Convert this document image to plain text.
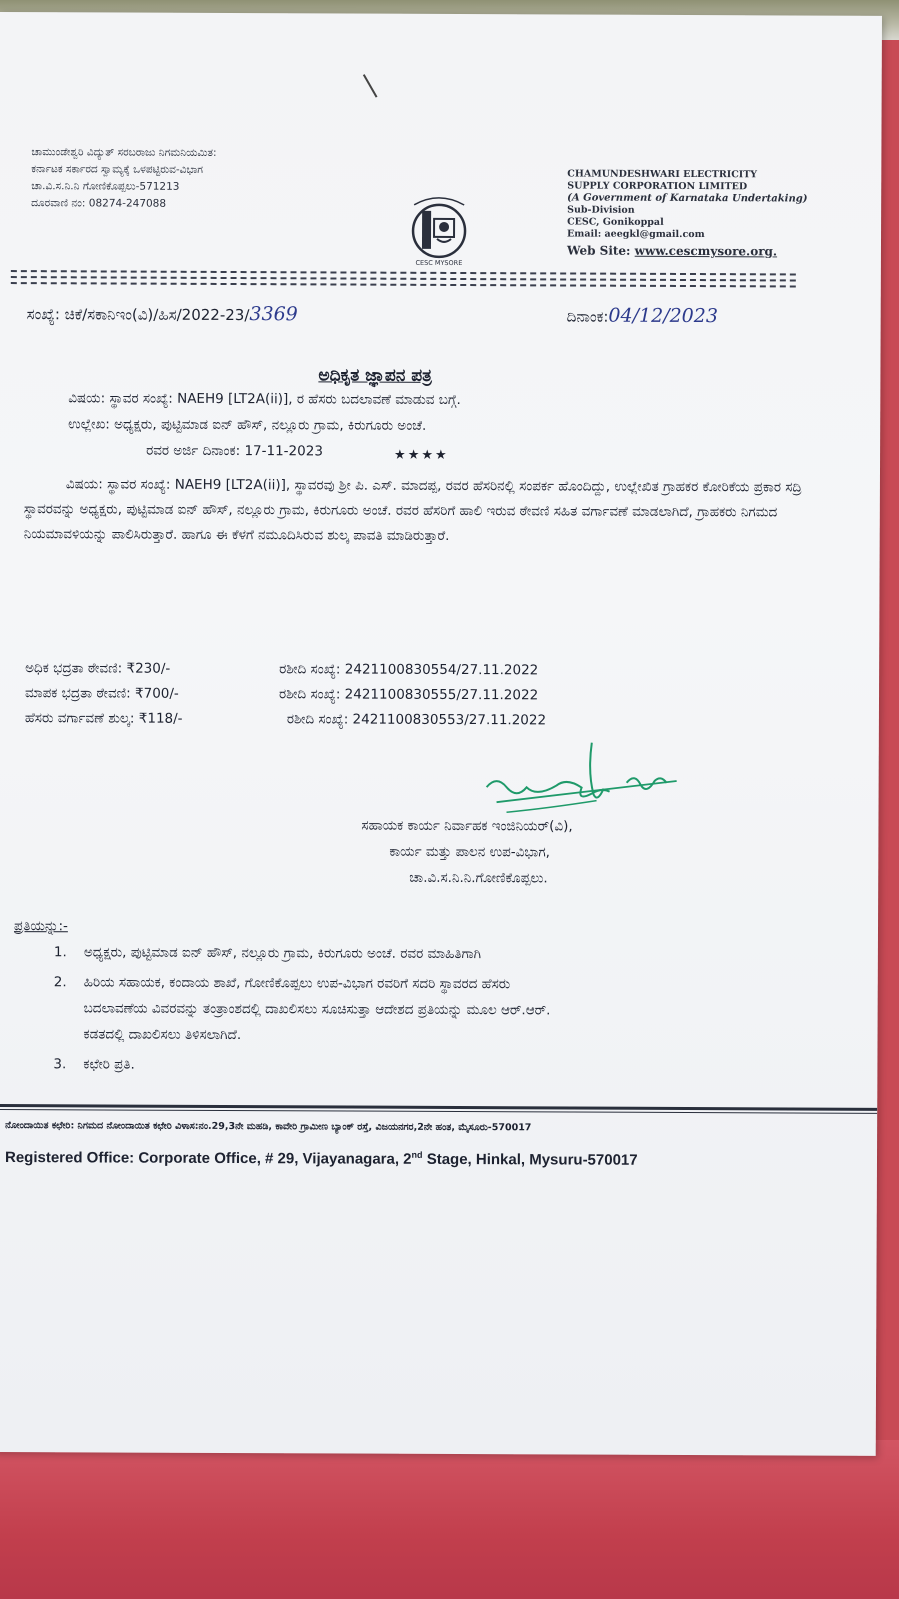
ಚಾಮುಂಡೇಶ್ವರಿ ವಿದ್ಯುತ್ ಸರಬರಾಜು ನಿಗಮನಿಯಮಿತ:
ಕರ್ನಾಟಕ ಸರ್ಕಾರದ ಸ್ವಾಮ್ಯಕ್ಕೆ ಒಳಪಟ್ಟಿರುವ-ವಿಭಾಗ
ಚಾ.ವಿ.ಸ.ನಿ.ನಿ ಗೋಣಿಕೊಪ್ಪಲು-571213
ದೂರವಾಣಿ ನಂ: 08274-247088
CESC MYSORE
CHAMUNDESHWARI ELECTRICITY
SUPPLY CORPORATION LIMITED
(A Government of Karnataka Undertaking)
Sub-Division
CESC, Gonikoppal
Email: aeegkl@gmail.com
Web Site: www.cescmysore.org.
ಸಂಖ್ಯೆ: ಚಿಕೆ/ಸಕಾನಿಇಂ(ವಿ)/ಹಿಸ/2022-23/3369	ದಿನಾಂಕ:04/12/2023
ಅಧಿಕೃತ ಜ್ಞಾಪನ ಪತ್ರ
ವಿಷಯ: ಸ್ಥಾವರ ಸಂಖ್ಯೆ: NAEH9 [LT2A(ii)], ರ ಹೆಸರು ಬದಲಾವಣೆ ಮಾಡುವ ಬಗ್ಗೆ.
ಉಲ್ಲೇಖ: ಅಧ್ಯಕ್ಷರು, ಪುಟ್ಟಿಮಾಡ ಐನ್ ಹೌಸ್, ನಲ್ಲೂರು ಗ್ರಾಮ, ಕಿರುಗೂರು ಅಂಚೆ.
ರವರ ಅರ್ಜಿ ದಿನಾಂಕ: 17-11-2023	★★★★
ವಿಷಯ: ಸ್ಥಾವರ ಸಂಖ್ಯೆ: NAEH9 [LT2A(ii)], ಸ್ಥಾವರವು ಶ್ರೀ ಪಿ. ಎಸ್. ಮಾದಪ್ಪ, ರವರ ಹೆಸರಿನಲ್ಲಿ ಸಂಪರ್ಕ ಹೊಂದಿದ್ದು, ಉಲ್ಲೇಖಿತ ಗ್ರಾಹಕರ ಕೋರಿಕೆಯ ಪ್ರಕಾರ ಸದ್ರಿ ಸ್ಥಾವರವನ್ನು ಅಧ್ಯಕ್ಷರು, ಪುಟ್ಟಿಮಾಡ ಐನ್ ಹೌಸ್, ನಲ್ಲೂರು ಗ್ರಾಮ, ಕಿರುಗೂರು ಅಂಚೆ. ರವರ ಹೆಸರಿಗೆ ಹಾಲಿ ಇರುವ ಠೇವಣಿ ಸಹಿತ ವರ್ಗಾವಣೆ ಮಾಡಲಾಗಿದೆ, ಗ್ರಾಹಕರು ನಿಗಮದ ನಿಯಮಾವಳಿಯನ್ನು ಪಾಲಿಸಿರುತ್ತಾರೆ. ಹಾಗೂ ಈ ಕೆಳಗೆ ನಮೂದಿಸಿರುವ ಶುಲ್ಕ ಪಾವತಿ ಮಾಡಿರುತ್ತಾರೆ.
ಅಧಿಕ ಭದ್ರತಾ ಠೇವಣಿ: ₹230/-	ರಶೀದಿ ಸಂಖ್ಯೆ: 2421100830554/27.11.2022
ಮಾಪಕ ಭದ್ರತಾ ಠೇವಣಿ: ₹700/-	ರಶೀದಿ ಸಂಖ್ಯೆ: 2421100830555/27.11.2022
ಹೆಸರು ವರ್ಗಾವಣೆ ಶುಲ್ಕ: ₹118/-	ರಶೀದಿ ಸಂಖ್ಯೆ: 2421100830553/27.11.2022
ಸಹಾಯಕ ಕಾರ್ಯ ನಿರ್ವಾಹಕ ಇಂಜಿನಿಯರ್(ವಿ),
ಕಾರ್ಯ ಮತ್ತು ಪಾಲನ ಉಪ-ವಿಭಾಗ,
ಚಾ.ವಿ.ಸ.ನಿ.ನಿ.ಗೋಣಿಕೊಪ್ಪಲು.
ಪ್ರತಿಯನ್ನು:-
1. ಅಧ್ಯಕ್ಷರು, ಪುಟ್ಟಿಮಾಡ ಐನ್ ಹೌಸ್, ನಲ್ಲೂರು ಗ್ರಾಮ, ಕಿರುಗೂರು ಅಂಚೆ. ರವರ ಮಾಹಿತಿಗಾಗಿ
2. ಹಿರಿಯ ಸಹಾಯಕ, ಕಂದಾಯ ಶಾಖೆ, ಗೋಣಿಕೊಪ್ಪಲು ಉಪ-ವಿಭಾಗ ರವರಿಗೆ ಸದರಿ ಸ್ಥಾವರದ ಹೆಸರು
ಬದಲಾವಣೆಯ ವಿವರವನ್ನು ತಂತ್ರಾಂಶದಲ್ಲಿ ದಾಖಲಿಸಲು ಸೂಚಿಸುತ್ತಾ ಆದೇಶದ ಪ್ರತಿಯನ್ನು ಮೂಲ ಆರ್.ಆರ್.
ಕಡತದಲ್ಲಿ ದಾಖಲಿಸಲು ತಿಳಿಸಲಾಗಿದೆ.
3. ಕಛೇರಿ ಪ್ರತಿ.
ನೋಂದಾಯಿತ ಕಛೇರಿ: ನಿಗಮದ ನೋಂದಾಯಿತ ಕಛೇರಿ ವಿಳಾಸ:ನಂ.29,3ನೇ ಮಹಡಿ, ಕಾವೇರಿ ಗ್ರಾಮೀಣ ಬ್ಯಾಂಕ್ ರಸ್ತೆ, ವಿಜಯನಗರ,2ನೇ ಹಂತ, ಮೈಸೂರು-570017
Registered Office: Corporate Office, # 29, Vijayanagara, 2nd Stage, Hinkal, Mysuru-570017
